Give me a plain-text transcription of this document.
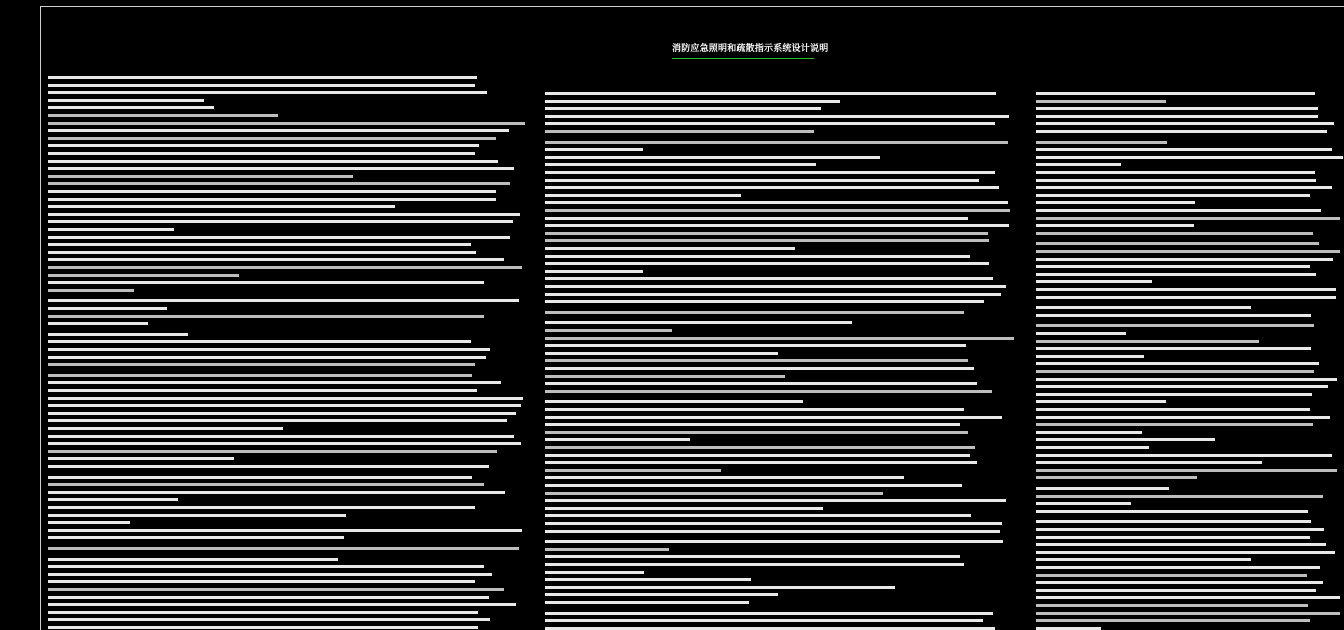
消防应急照明和疏散指示系统设计说明
